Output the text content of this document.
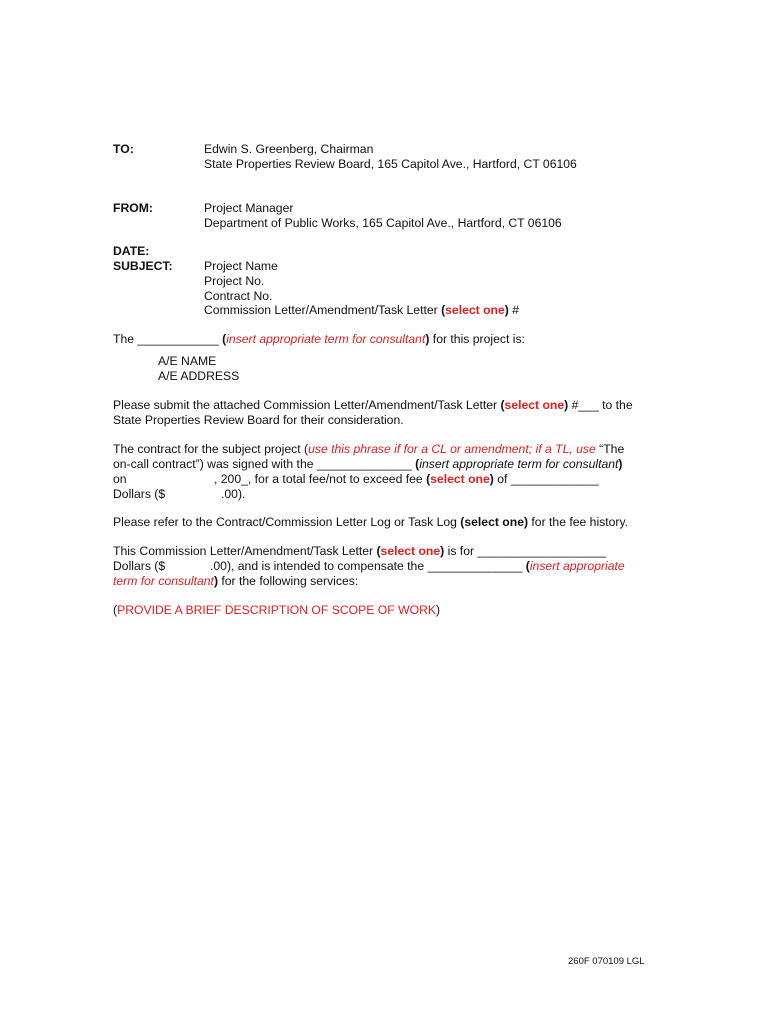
TO:	Edwin S. Greenberg, Chairman
State Properties Review Board, 165 Capitol Ave., Hartford, CT 06106
FROM:	Project Manager
Department of Public Works, 165 Capitol Ave., Hartford, CT 06106
DATE:
SUBJECT:	Project Name
Project No.
Contract No.
Commission Letter/Amendment/Task Letter (select one) #
The ____________ (insert appropriate term for consultant) for this project is:
A/E NAME
A/E ADDRESS
Please submit the attached Commission Letter/Amendment/Task Letter (select one) #___ to the
State Properties Review Board for their consideration.
The contract for the subject project (use this phrase if for a CL or amendment; if a TL, use “The
on-call contract”) was signed with the ______________ (insert appropriate term for consultant)
on	, 200_, for a total fee/not to exceed fee (select one) of _____________
Dollars ($	.00).
Please refer to the Contract/Commission Letter Log or Task Log (select one) for the fee history.
This Commission Letter/Amendment/Task Letter (select one) is for ___________________
Dollars ($	.00), and is intended to compensate the ______________ (insert appropriate
term for consultant) for the following services:
(PROVIDE A BRIEF DESCRIPTION OF SCOPE OF WORK)
260F 070109 LGL
